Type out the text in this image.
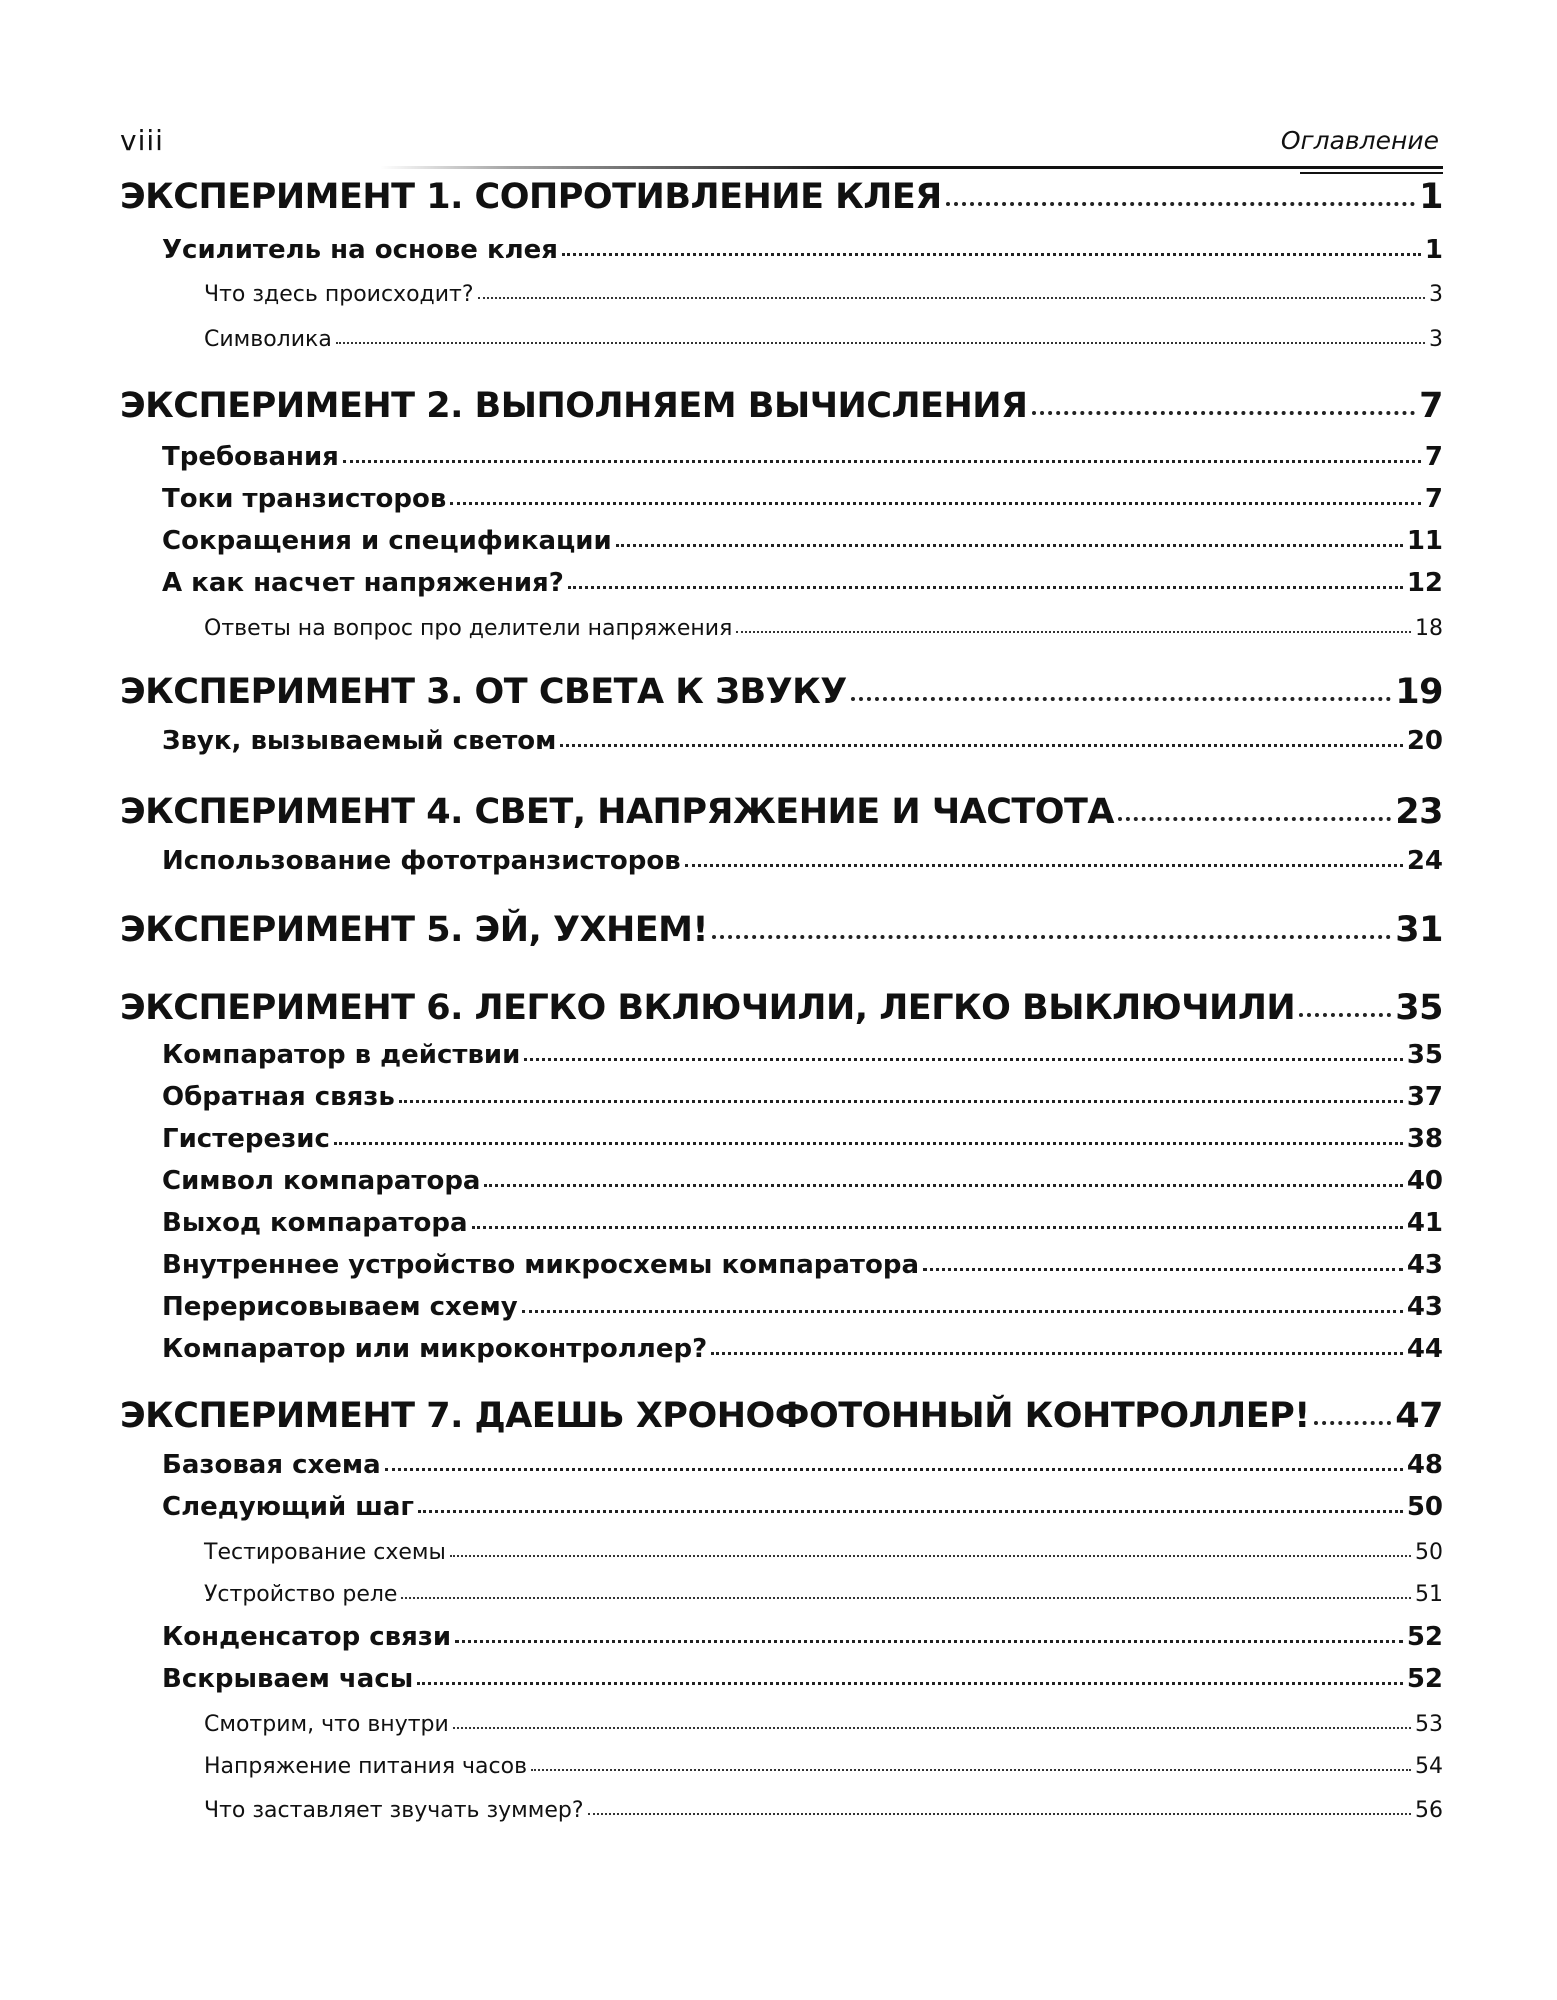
viii	Оглавление
ЭКСПЕРИМЕНТ 1. СОПРОТИВЛЕНИЕ КЛЕЯ	1
Усилитель на основе клея	1
Что здесь происходит?	3
Символика	3
ЭКСПЕРИМЕНТ 2. ВЫПОЛНЯЕМ ВЫЧИСЛЕНИЯ	7
Требования	7
Токи транзисторов	7
Сокращения и спецификации	11
А как насчет напряжения?	12
Ответы на вопрос про делители напряжения	18
ЭКСПЕРИМЕНТ 3. ОТ СВЕТА К ЗВУКУ	19
Звук, вызываемый светом	20
ЭКСПЕРИМЕНТ 4. СВЕТ, НАПРЯЖЕНИЕ И ЧАСТОТА	23
Использование фототранзисторов	24
ЭКСПЕРИМЕНТ 5. ЭЙ, УХНЕМ!	31
ЭКСПЕРИМЕНТ 6. ЛЕГКО ВКЛЮЧИЛИ, ЛЕГКО ВЫКЛЮЧИЛИ	35
Компаратор в действии	35
Обратная связь	37
Гистерезис	38
Символ компаратора	40
Выход компаратора	41
Внутреннее устройство микросхемы компаратора	43
Перерисовываем схему	43
Компаратор или микроконтроллер?	44
ЭКСПЕРИМЕНТ 7. ДАЕШЬ ХРОНОФОТОННЫЙ КОНТРОЛЛЕР! 47
Базовая схема	48
Следующий шаг	50
Тестирование схемы	50
Устройство реле	51
Конденсатор связи	52
Вскрываем часы	52
Смотрим, что внутри	53
Напряжение питания часов	54
Что заставляет звучать зуммер?	56
